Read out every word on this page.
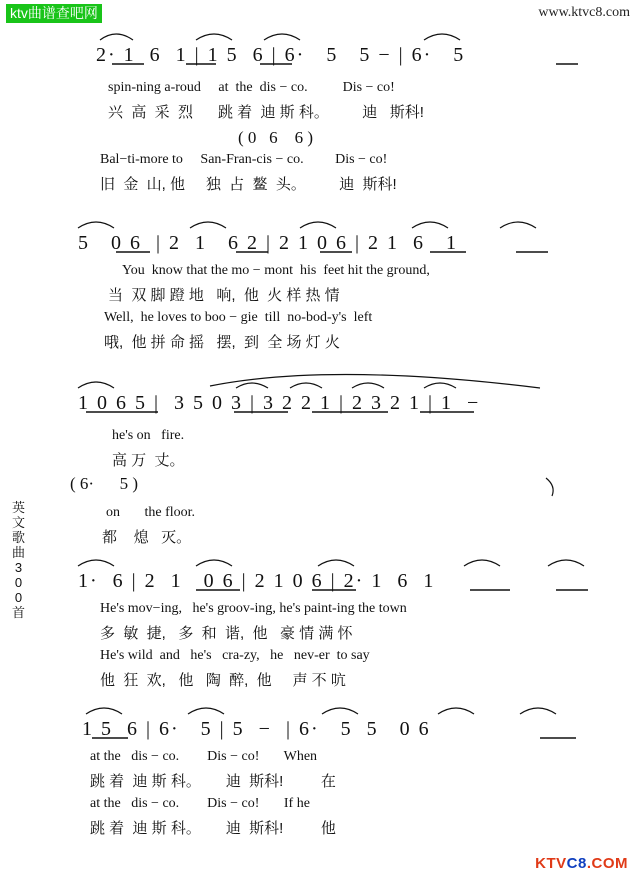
ktv曲谱查吧网	www.ktvc8.com
英
文
歌
曲
3
0
0
首
2· 1  6  1 | 1 5  6 | 6·   5   5 − | 6·   5
spin-ning a-roud     at  the  dis − co.          Dis − co!
兴  高  采  烈      跳 着  迪 斯 科。        迪   斯科!
( 0   6    6 )
Bal−ti-more to     San-Fran-cis − co.         Dis − co!
旧  金  山, 他     独  占  鳌  头。        迪  斯科!
5   0 6  | 2  1   6 2 | 2 1 0 6 | 2 1  6   1
You  know that the mo − mont  his  feet hit the ground,
当  双 脚 蹬 地   响,  他  火 样 热 情
Well,  he loves to boo − gie  till  no-bod-y's  left
哦,  他 拼 命 摇   摆,  到  全 场 灯 火
1 0 6 5 |  3 5 0 3 | 3 2 2 1 | 2 3 2 1 | 1  −
he's on   fire.
高 万  丈。
( 6·      5 )
on       the floor.
都    熄   灭。
1·  6 | 2  1   0 6 | 2 1 0 6 | 2· 1  6  1
He's mov−ing,   he's groov-ing, he's paint-ing the town
多  敏  捷,   多  和  谐,  他   豪 情 满 怀
He's wild  and   he's   cra-zy,   he   nev-er  to say
他  狂  欢,   他   陶  醉,  他     声 不 吭
1 5  6 | 6·   5 | 5  −  | 6·   5  5   0 6
at the   dis − co.        Dis − co!       When
跳 着  迪 斯 科。      迪  斯科!         在
at the   dis − co.        Dis − co!       If he
跳 着  迪 斯 科。      迪  斯科!         他
KTVC8.COM
